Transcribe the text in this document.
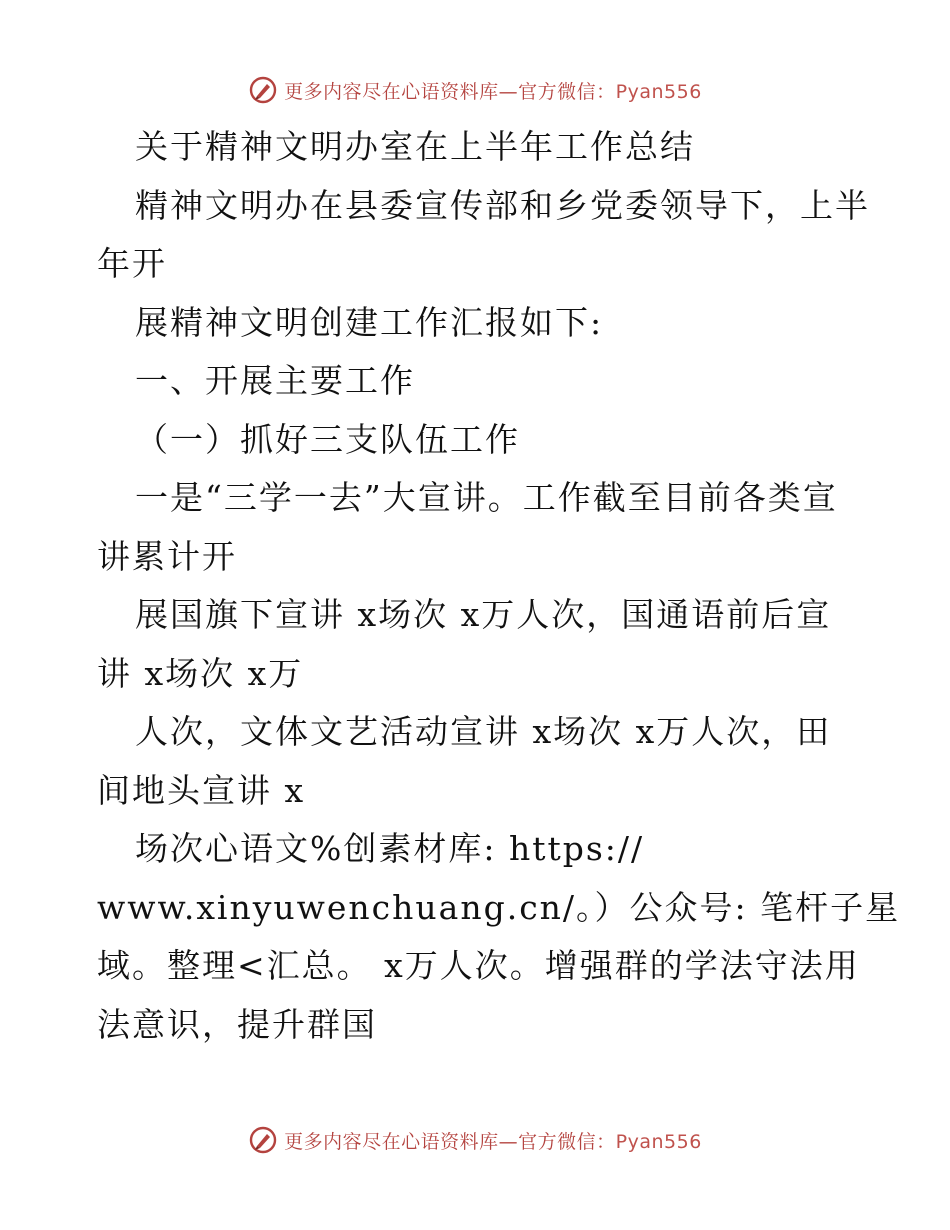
更多内容尽在心语资料库—官方微信：Pyan556
关于精神文明办室在上半年工作总结
精神文明办在县委宣传部和乡党委领导下，上半
年开
展精神文明创建工作汇报如下:
一、开展主要工作
（一）抓好三支队伍工作
一是“三学一去”大宣讲。工作截至目前各类宣
讲累计开
展国旗下宣讲 x场次 x万人次，国通语前后宣
讲 x场次 x万
人次，文体文艺活动宣讲 x场次 x万人次，田
间地头宣讲 x
场次心语文%创素材库: https://
www.xinyuwenchuang.cn/。）公众号: 笔杆子星
域。整理<汇总。 x万人次。增强群的学法守法用
法意识，提升群国
更多内容尽在心语资料库—官方微信：Pyan556
